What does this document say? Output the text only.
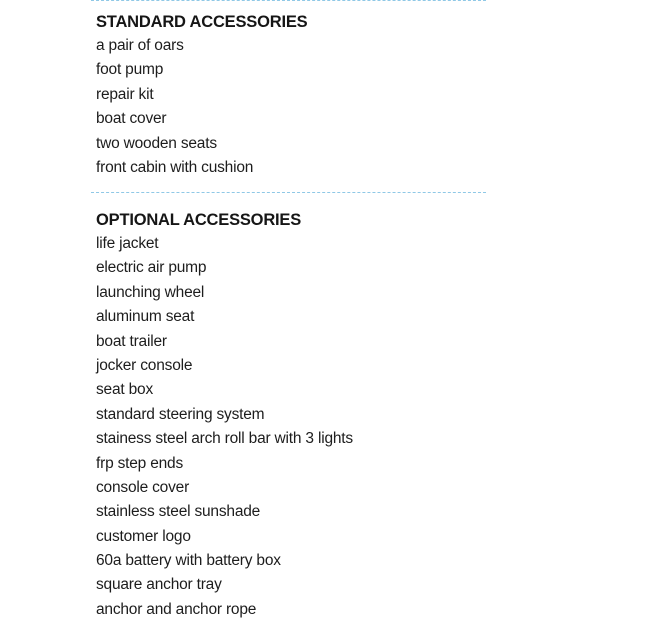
STANDARD ACCESSORIES
a pair of oars
foot pump
repair kit
boat cover
two wooden seats
front cabin with cushion
OPTIONAL ACCESSORIES
life jacket
electric air pump
launching wheel
aluminum seat
boat trailer
jocker console
seat box
standard steering system
stainess steel arch roll bar with 3 lights
frp step ends
console cover
stainless steel sunshade
customer logo
60a battery with battery box
square anchor tray
anchor and anchor rope
